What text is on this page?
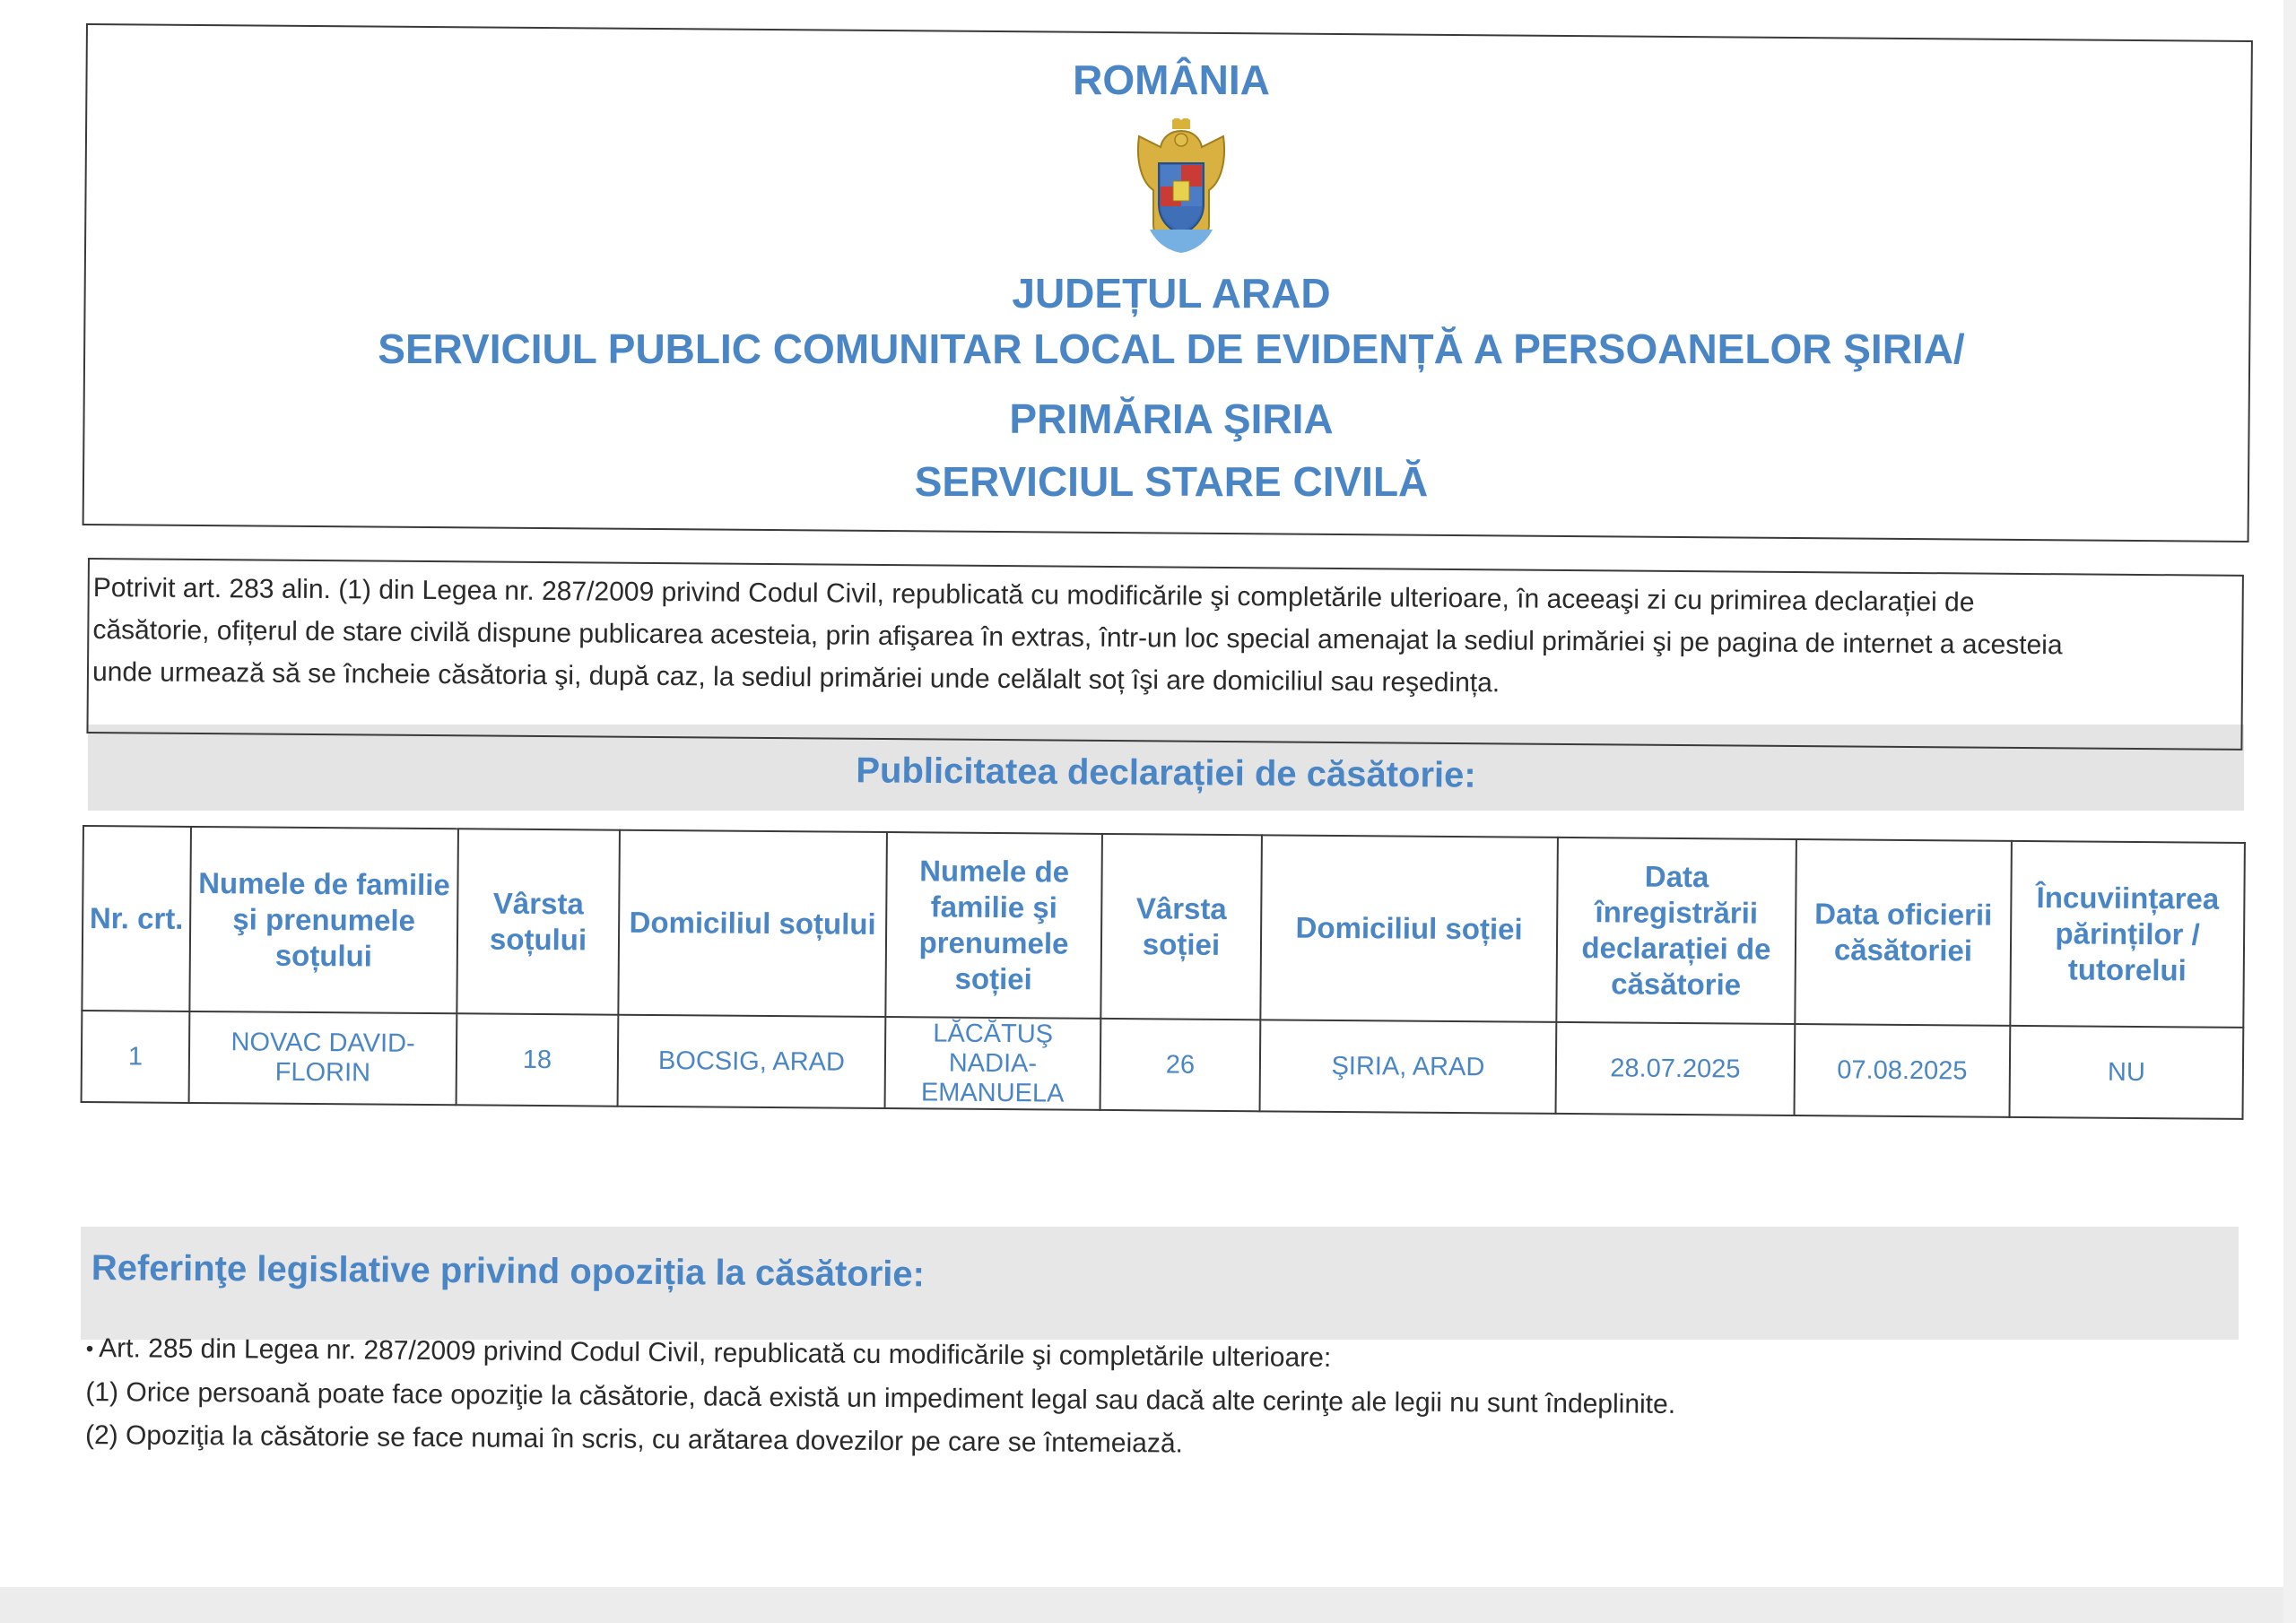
ROMÂNIA
JUDEȚUL ARAD
SERVICIUL PUBLIC COMUNITAR LOCAL DE EVIDENȚĂ A PERSOANELOR ŞIRIA/
PRIMĂRIA ŞIRIA
SERVICIUL STARE CIVILĂ
Potrivit art. 283 alin. (1) din Legea nr. 287/2009 privind Codul Civil, republicată cu modificările şi completările ulterioare, în aceeaşi zi cu primirea declarației de
căsătorie, ofițerul de stare civilă dispune publicarea acesteia, prin afişarea în extras, într-un loc special amenajat la sediul primăriei şi pe pagina de internet a acesteia
unde urmează să se încheie căsătoria şi, după caz, la sediul primăriei unde celălalt soț îşi are domiciliul sau reşedința.
Publicitatea declarației de căsătorie:
Nr. crt.	Numele de familie şi prenumele soțului	Vârsta soțului	Domiciliul soțului	Numele de familie şi prenumele soției	Vârsta soției	Domiciliul soției	Data înregistrării declarației de căsătorie	Data oficierii căsătoriei	Încuviințarea părinților / tutorelui
1	NOVAC DAVID-FLORIN	18	BOCSIG, ARAD	LĂCĂTUŞ NADIA-EMANUELA	26	ŞIRIA, ARAD	28.07.2025	07.08.2025	NU
Referinţe legislative privind opoziția la căsătorie:
• Art. 285 din Legea nr. 287/2009 privind Codul Civil, republicată cu modificările şi completările ulterioare:
(1) Orice persoană poate face opoziţie la căsătorie, dacă există un impediment legal sau dacă alte cerinţe ale legii nu sunt îndeplinite.
(2) Opoziţia la căsătorie se face numai în scris, cu arătarea dovezilor pe care se întemeiază.
